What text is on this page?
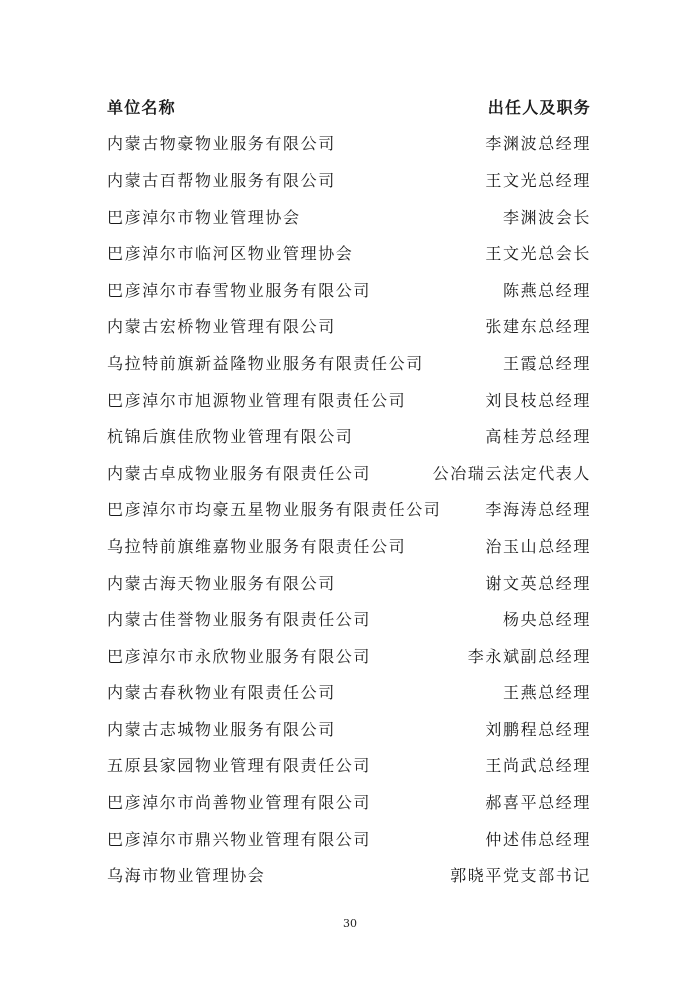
单位名称	出任人及职务
内蒙古物豪物业服务有限公司	李渊波总经理
内蒙古百帮物业服务有限公司	王文光总经理
巴彦淖尔市物业管理协会	李渊波会长
巴彦淖尔市临河区物业管理协会	王文光总会长
巴彦淖尔市春雪物业服务有限公司	陈燕总经理
内蒙古宏桥物业管理有限公司	张建东总经理
乌拉特前旗新益隆物业服务有限责任公司	王霞总经理
巴彦淖尔市旭源物业管理有限责任公司	刘艮枝总经理
杭锦后旗佳欣物业管理有限公司	高桂芳总经理
内蒙古卓成物业服务有限责任公司	公冶瑞云法定代表人
巴彦淖尔市均豪五星物业服务有限责任公司	李海涛总经理
乌拉特前旗维嘉物业服务有限责任公司	治玉山总经理
内蒙古海天物业服务有限公司	谢文英总经理
内蒙古佳誉物业服务有限责任公司	杨央总经理
巴彦淖尔市永欣物业服务有限公司	李永斌副总经理
内蒙古春秋物业有限责任公司	王燕总经理
内蒙古志城物业服务有限公司	刘鹏程总经理
五原县家园物业管理有限责任公司	王尚武总经理
巴彦淖尔市尚善物业管理有限公司	郝喜平总经理
巴彦淖尔市鼎兴物业管理有限公司	仲述伟总经理
乌海市物业管理协会	郭晓平党支部书记
30
